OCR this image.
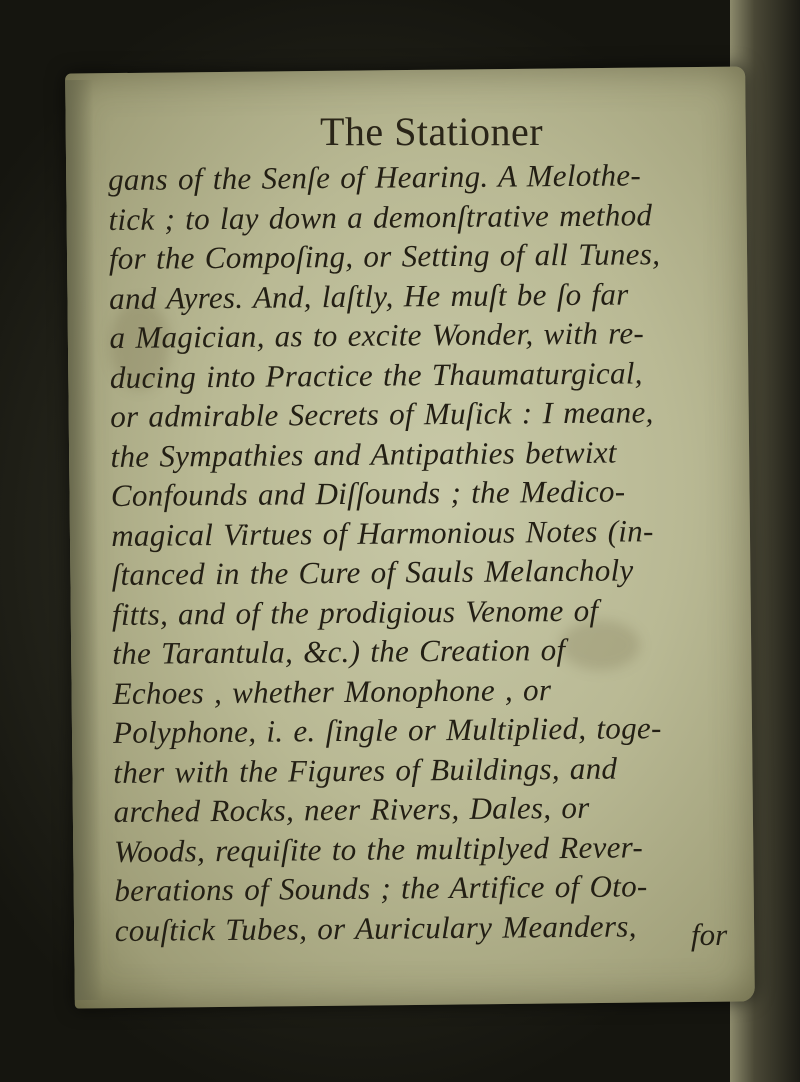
The Stationer
gans of the Senſe of Hearing. A Melothe-
tick ; to lay down a demonſtrative method
for the Compoſing, or Setting of all Tunes,
and Ayres. And, laſtly, He muſt be ſo far
a Magician, as to excite Wonder, with re-
ducing into Practice the Thaumaturgical,
or admirable Secrets of Muſick : I meane,
the Sympathies and Antipathies betwixt
Confounds and Diſſounds ; the Medico-
magical Virtues of Harmonious Notes (in-
ſtanced in the Cure of Sauls Melancholy
fitts, and of the prodigious Venome of
the Tarantula, &c.) the Creation of
Echoes , whether Monophone , or
Polyphone, i. e. ſingle or Multiplied, toge-
ther with the Figures of Buildings, and
arched Rocks, neer Rivers, Dales, or
Woods, requiſite to the multiplyed Rever-
berations of Sounds ; the Artifice of Oto-
couſtick Tubes, or Auriculary Meanders,	for
